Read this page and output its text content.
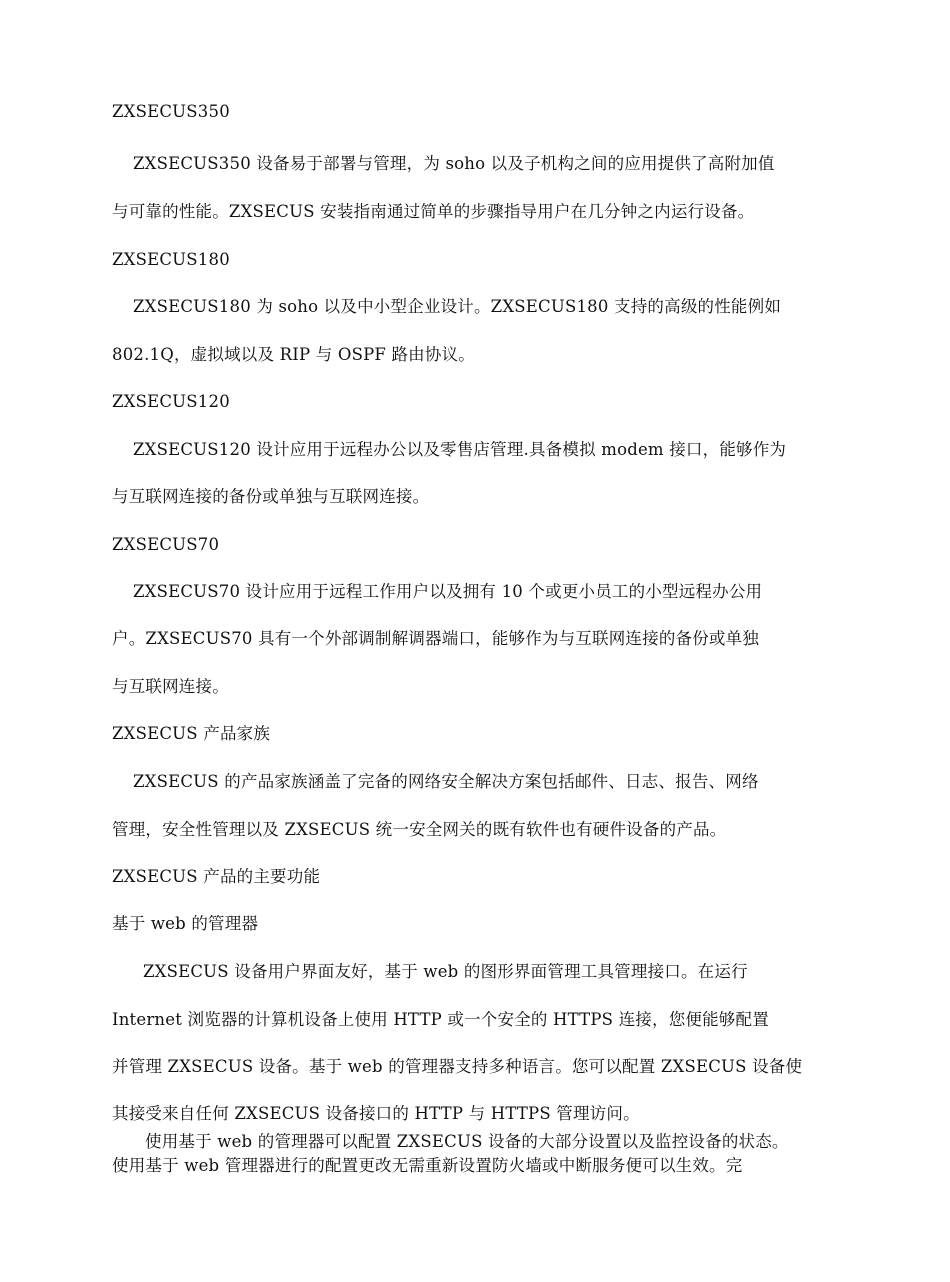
ZXSECUS350
ZXSECUS350 设备易于部署与管理，为 soho 以及子机构之间的应用提供了高附加值
与可靠的性能。ZXSECUS 安装指南通过简单的步骤指导用户在几分钟之内运行设备。
ZXSECUS180
ZXSECUS180 为 soho 以及中小型企业设计。ZXSECUS180 支持的高级的性能例如
802.1Q，虚拟域以及 RIP 与 OSPF 路由协议。
ZXSECUS120
ZXSECUS120 设计应用于远程办公以及零售店管理.具备模拟 modem 接口，能够作为
与互联网连接的备份或单独与互联网连接。
ZXSECUS70
ZXSECUS70 设计应用于远程工作用户以及拥有 10 个或更小员工的小型远程办公用
户。ZXSECUS70 具有一个外部调制解调器端口，能够作为与互联网连接的备份或单独
与互联网连接。
ZXSECUS 产品家族
ZXSECUS 的产品家族涵盖了完备的网络安全解决方案包括邮件、日志、报告、网络
管理，安全性管理以及 ZXSECUS 统一安全网关的既有软件也有硬件设备的产品。
ZXSECUS 产品的主要功能
基于 web 的管理器
ZXSECUS 设备用户界面友好，基于 web 的图形界面管理工具管理接口。在运行
Internet 浏览器的计算机设备上使用 HTTP 或一个安全的 HTTPS 连接，您便能够配置
并管理 ZXSECUS 设备。基于 web 的管理器支持多种语言。您可以配置 ZXSECUS 设备使
其接受来自任何 ZXSECUS 设备接口的 HTTP 与 HTTPS 管理访问。
使用基于 web 的管理器可以配置 ZXSECUS 设备的大部分设置以及监控设备的状态。
使用基于 web 管理器进行的配置更改无需重新设置防火墙或中断服务便可以生效。完
